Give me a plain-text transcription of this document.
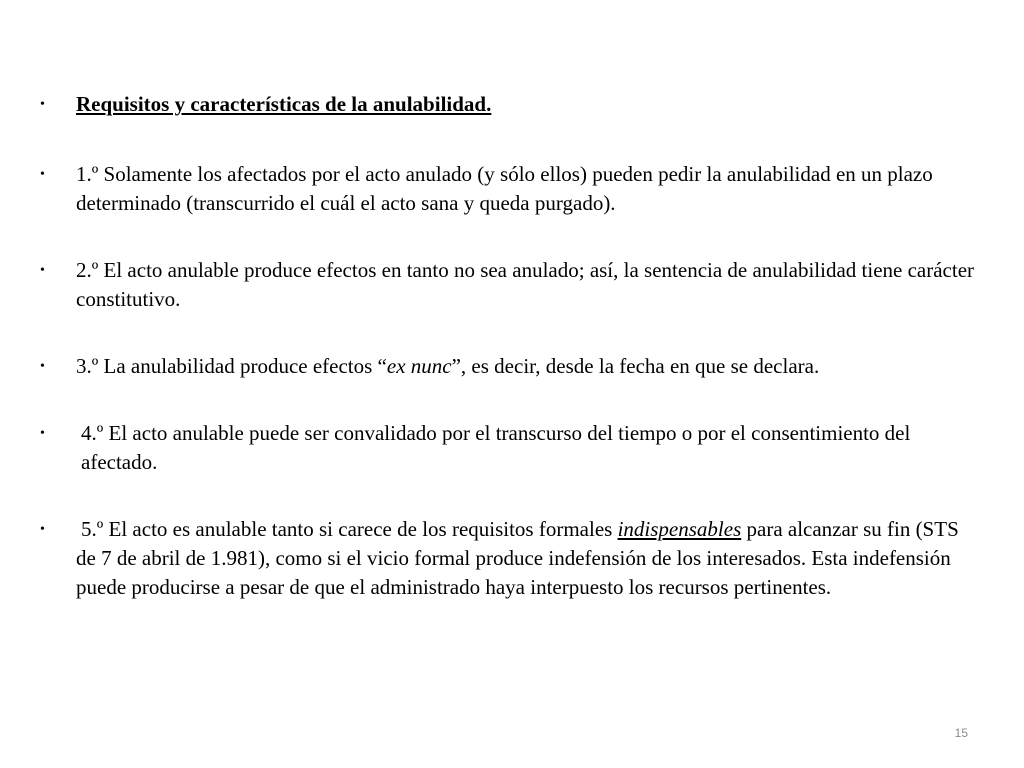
• Requisitos y características de la anulabilidad.
• 1.º Solamente los afectados por el acto anulado (y sólo ellos) pueden pedir la anulabilidad en un plazo determinado (transcurrido el cuál el acto sana y queda purgado).
• 2.º El acto anulable produce efectos en tanto no sea anulado; así, la sentencia de anulabilidad tiene carácter constitutivo.
• 3.º La anulabilidad produce efectos “ex nunc”, es decir, desde la fecha en que se declara.
• 4.º El acto anulable puede ser convalidado por el transcurso del tiempo o por el consentimiento del afectado.
• 5.º El acto es anulable tanto si carece de los requisitos formales indispensables para alcanzar su fin (STS de 7 de abril de 1.981), como si el vicio formal produce indefensión de los interesados. Esta indefensión puede producirse a pesar de que el administrado haya interpuesto los recursos pertinentes.
15
